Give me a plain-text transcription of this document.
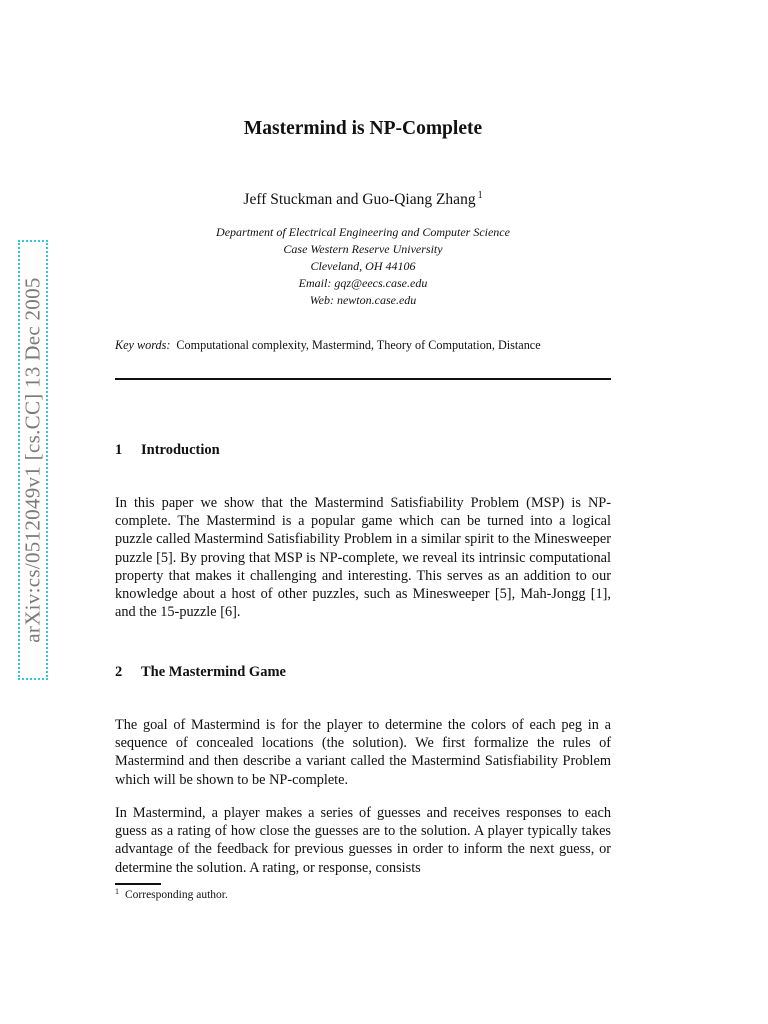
arXiv:cs/0512049v1 [cs.CC] 13 Dec 2005
Mastermind is NP-Complete
Jeff Stuckman and Guo-Qiang Zhang $^1$
Department of Electrical Engineering and Computer Science
Case Western Reserve University
Cleveland, OH 44106
Email: gqz@eecs.case.edu
Web: newton.case.edu
Key words: Computational complexity, Mastermind, Theory of Computation, Distance
1 Introduction
In this paper we show that the Mastermind Satisfiability Problem (MSP) is NP-complete. The Mastermind is a popular game which can be turned into a logical puzzle called Mastermind Satisfiability Problem in a similar spirit to the Minesweeper puzzle [5]. By proving that MSP is NP-complete, we reveal its intrinsic computational property that makes it challenging and interesting. This serves as an addition to our knowledge about a host of other puzzles, such as Minesweeper [5], Mah-Jongg [1], and the 15-puzzle [6].
2 The Mastermind Game
The goal of Mastermind is for the player to determine the colors of each peg in a sequence of concealed locations (the solution). We first formalize the rules of Mastermind and then describe a variant called the Mastermind Satisfiability Problem which will be shown to be NP-complete.
In Mastermind, a player makes a series of guesses and receives responses to each guess as a rating of how close the guesses are to the solution. A player typically takes advantage of the feedback for previous guesses in order to inform the next guess, or determine the solution. A rating, or response, consists
$^1$ Corresponding author.
